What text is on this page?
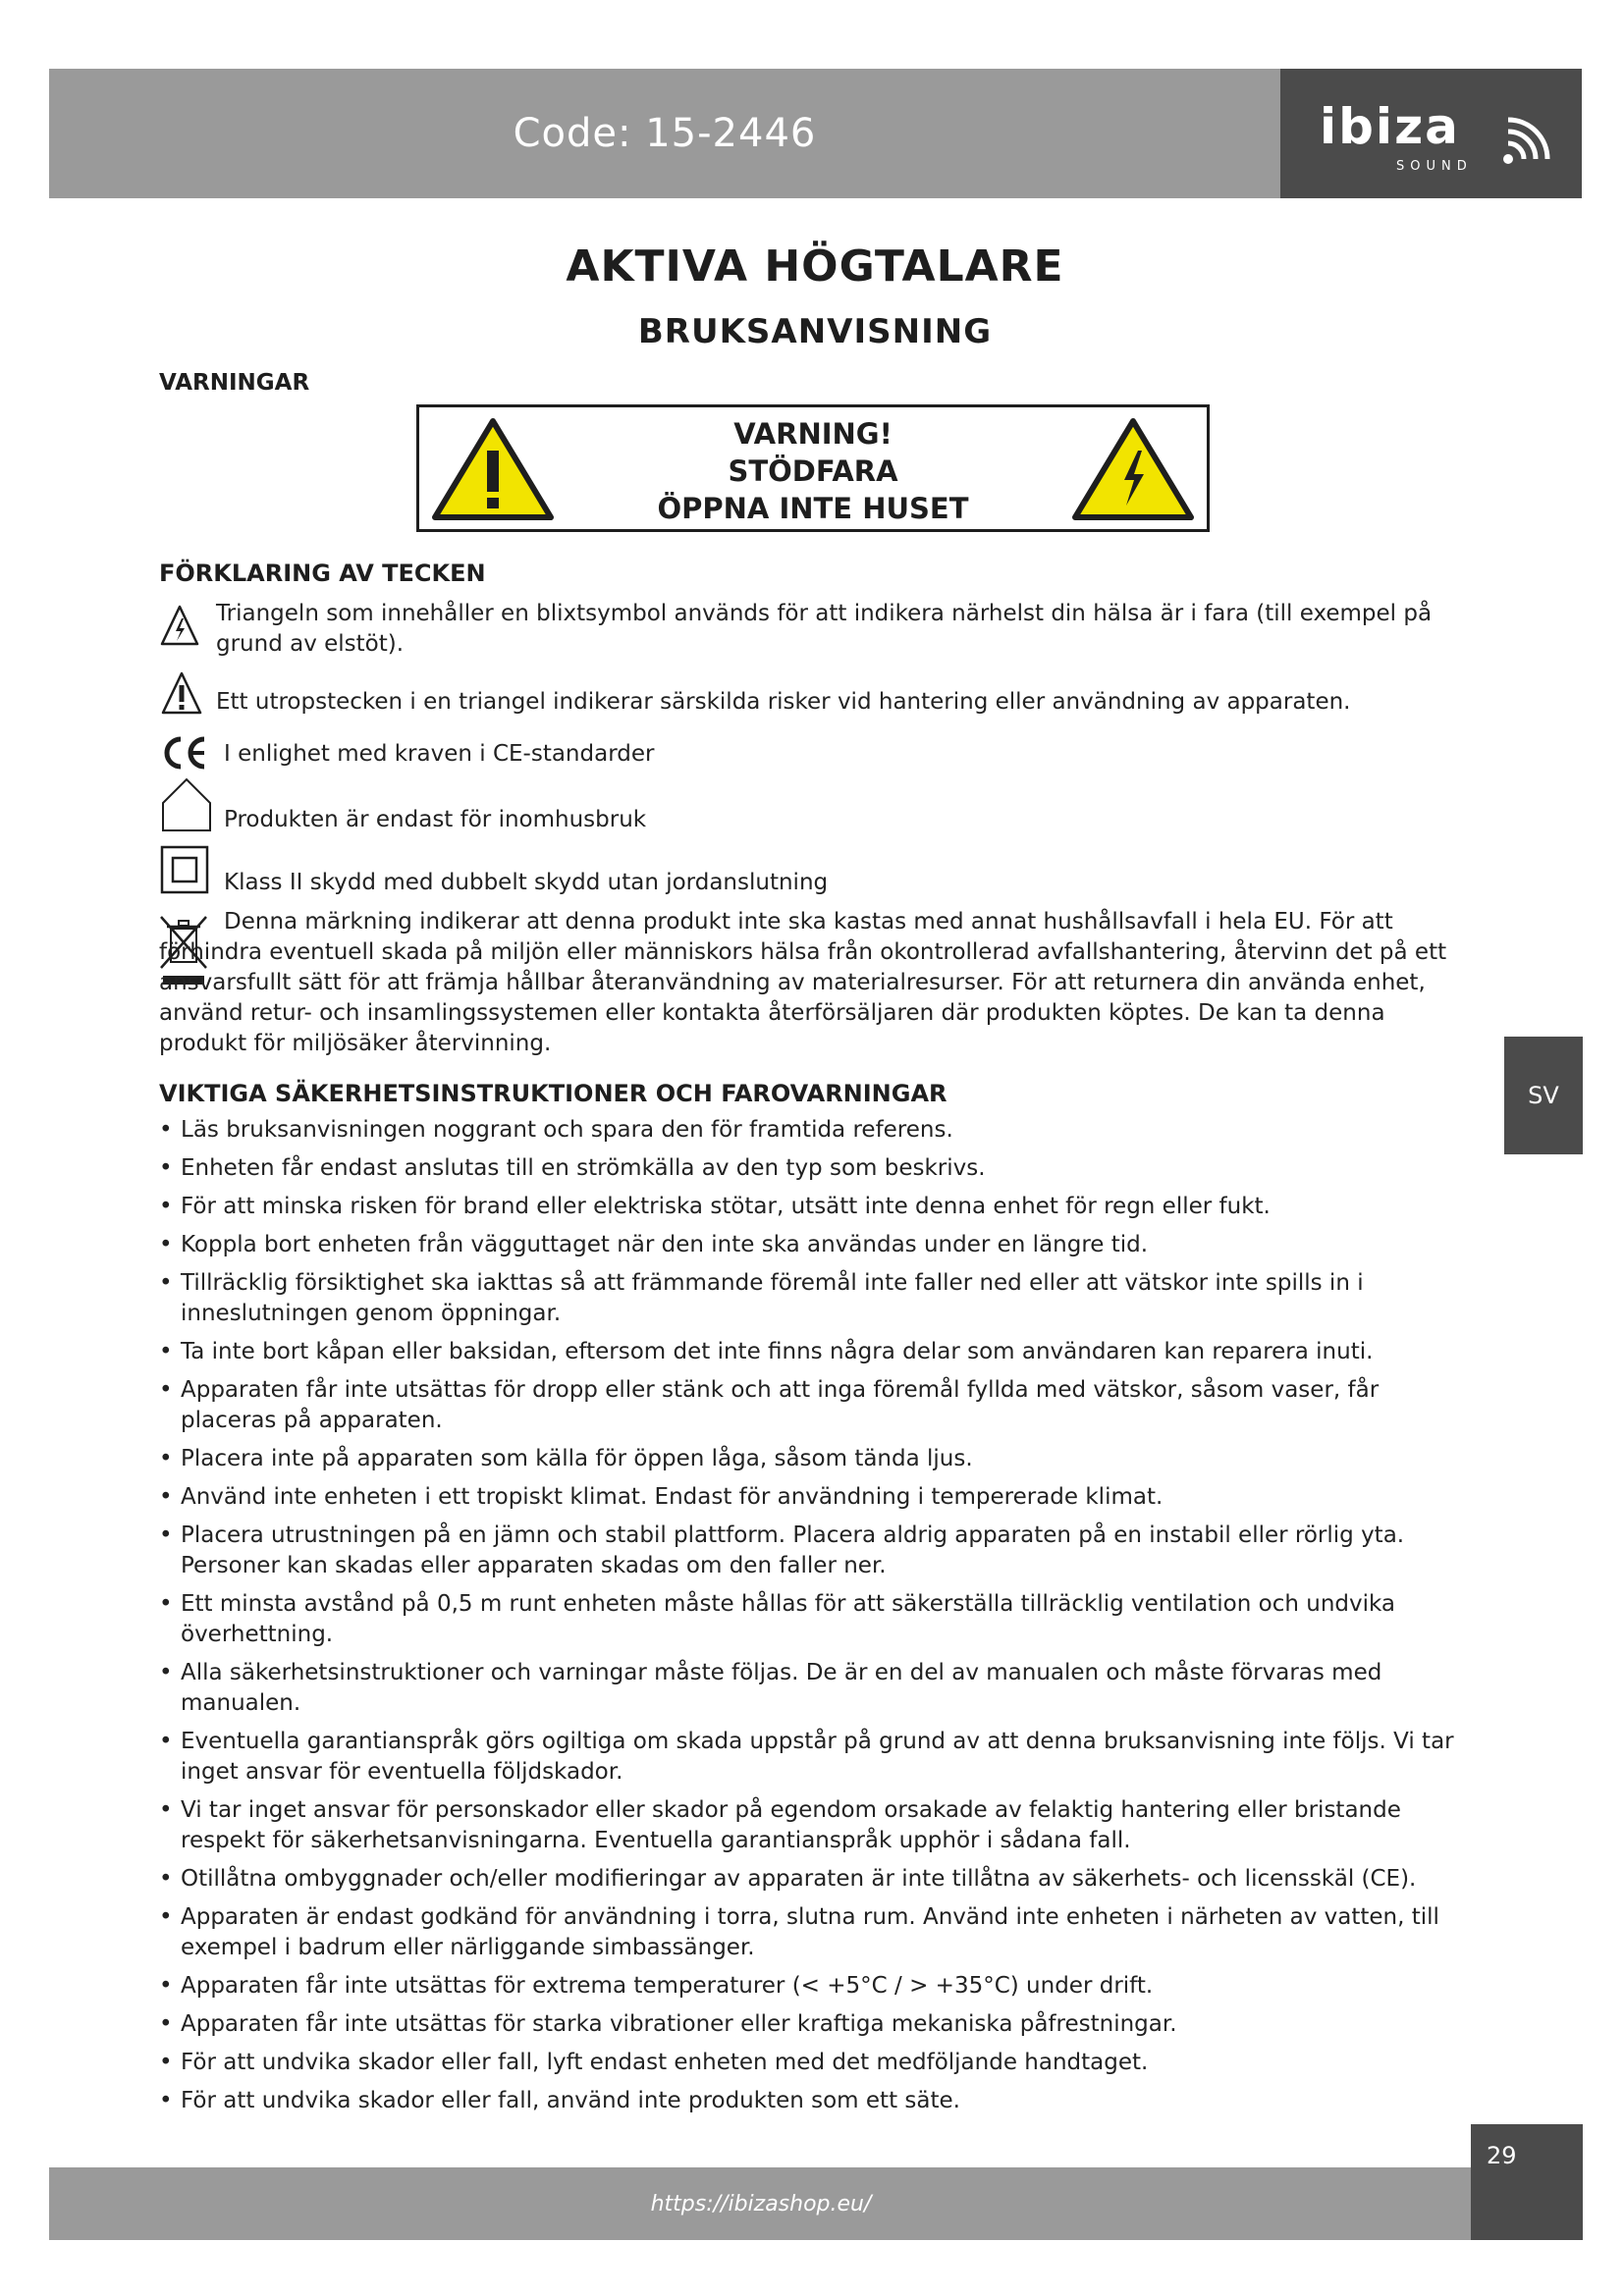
Code: 15-2446	ibiza
SOUND
AKTIVA HÖGTALARE
BRUKSANVISNING
VARNINGAR
VARNING!
STÖDFARA
ÖPPNA INTE HUSET
FÖRKLARING AV TECKEN
Triangeln som innehåller en blixtsymbol används för att indikera närhelst din hälsa är i fara (till exempel på grund av elstöt).
Ett utropstecken i en triangel indikerar särskilda risker vid hantering eller användning av apparaten.
I enlighet med kraven i CE-standarder
Produkten är endast för inomhusbruk
Klass II skydd med dubbelt skydd utan jordanslutning
Denna märkning indikerar att denna produkt inte ska kastas med annat hushållsavfall i hela EU. För att förhindra eventuell skada på miljön eller människors hälsa från okontrollerad avfallshantering, återvinn det på ett ansvarsfullt sätt för att främja hållbar återanvändning av materialresurser. För att returnera din använda enhet, använd retur- och insamlingssystemen eller kontakta återförsäljaren där produkten köptes. De kan ta denna produkt för miljösäker återvinning.
VIKTIGA SÄKERHETSINSTRUKTIONER OCH FAROVARNINGAR
• Läs bruksanvisningen noggrant och spara den för framtida referens.
• Enheten får endast anslutas till en strömkälla av den typ som beskrivs.
• För att minska risken för brand eller elektriska stötar, utsätt inte denna enhet för regn eller fukt.
• Koppla bort enheten från vägguttaget när den inte ska användas under en längre tid.
• Tillräcklig försiktighet ska iakttas så att främmande föremål inte faller ned eller att vätskor inte spills in i inneslutningen genom öppningar.
• Ta inte bort kåpan eller baksidan, eftersom det inte finns några delar som användaren kan reparera inuti.
• Apparaten får inte utsättas för dropp eller stänk och att inga föremål fyllda med vätskor, såsom vaser, får placeras på apparaten.
• Placera inte på apparaten som källa för öppen låga, såsom tända ljus.
• Använd inte enheten i ett tropiskt klimat. Endast för användning i tempererade klimat.
• Placera utrustningen på en jämn och stabil plattform. Placera aldrig apparaten på en instabil eller rörlig yta. Personer kan skadas eller apparaten skadas om den faller ner.
• Ett minsta avstånd på 0,5 m runt enheten måste hållas för att säkerställa tillräcklig ventilation och undvika överhettning.
• Alla säkerhetsinstruktioner och varningar måste följas. De är en del av manualen och måste förvaras med manualen.
• Eventuella garantianspråk görs ogiltiga om skada uppstår på grund av att denna bruksanvisning inte följs. Vi tar inget ansvar för eventuella följdskador.
• Vi tar inget ansvar för personskador eller skador på egendom orsakade av felaktig hantering eller bristande respekt för säkerhetsanvisningarna. Eventuella garantianspråk upphör i sådana fall.
• Otillåtna ombyggnader och/eller modifieringar av apparaten är inte tillåtna av säkerhets- och licensskäl (CE).
• Apparaten är endast godkänd för användning i torra, slutna rum. Använd inte enheten i närheten av vatten, till exempel i badrum eller närliggande simbassänger.
• Apparaten får inte utsättas för extrema temperaturer (< +5°C / > +35°C) under drift.
• Apparaten får inte utsättas för starka vibrationer eller kraftiga mekaniska påfrestningar.
• För att undvika skador eller fall, lyft endast enheten med det medföljande handtaget.
• För att undvika skador eller fall, använd inte produkten som ett säte.
SV
https://ibizashop.eu/
29
